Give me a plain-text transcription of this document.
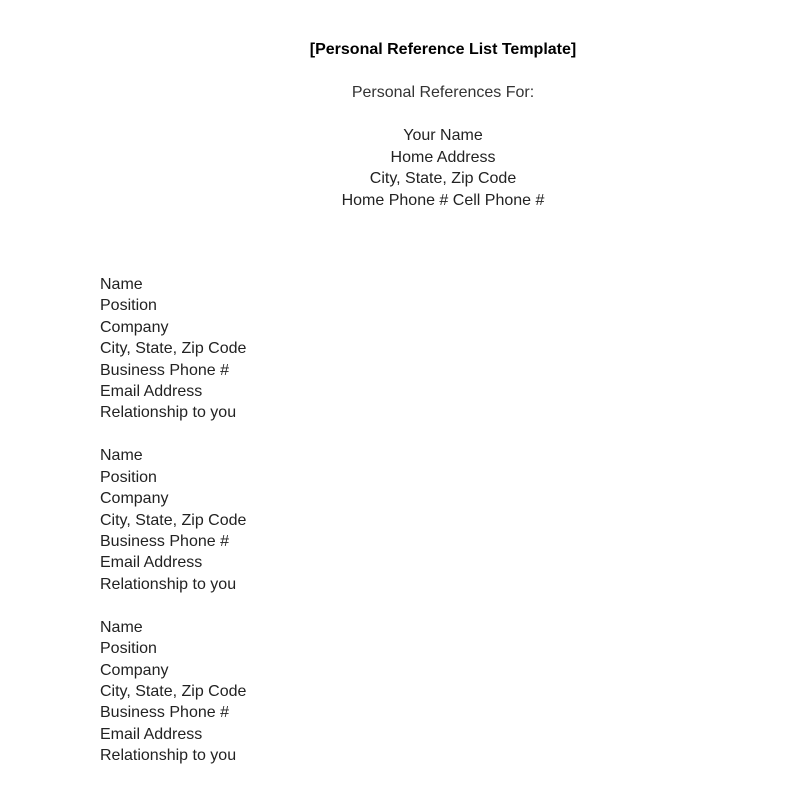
[Personal Reference List Template]
Personal References For:
Your Name
Home Address
City, State, Zip Code
Home Phone # Cell Phone #
Name
Position
Company
City, State, Zip Code
Business Phone #
Email Address
Relationship to you
Name
Position
Company
City, State, Zip Code
Business Phone #
Email Address
Relationship to you
Name
Position
Company
City, State, Zip Code
Business Phone #
Email Address
Relationship to you
